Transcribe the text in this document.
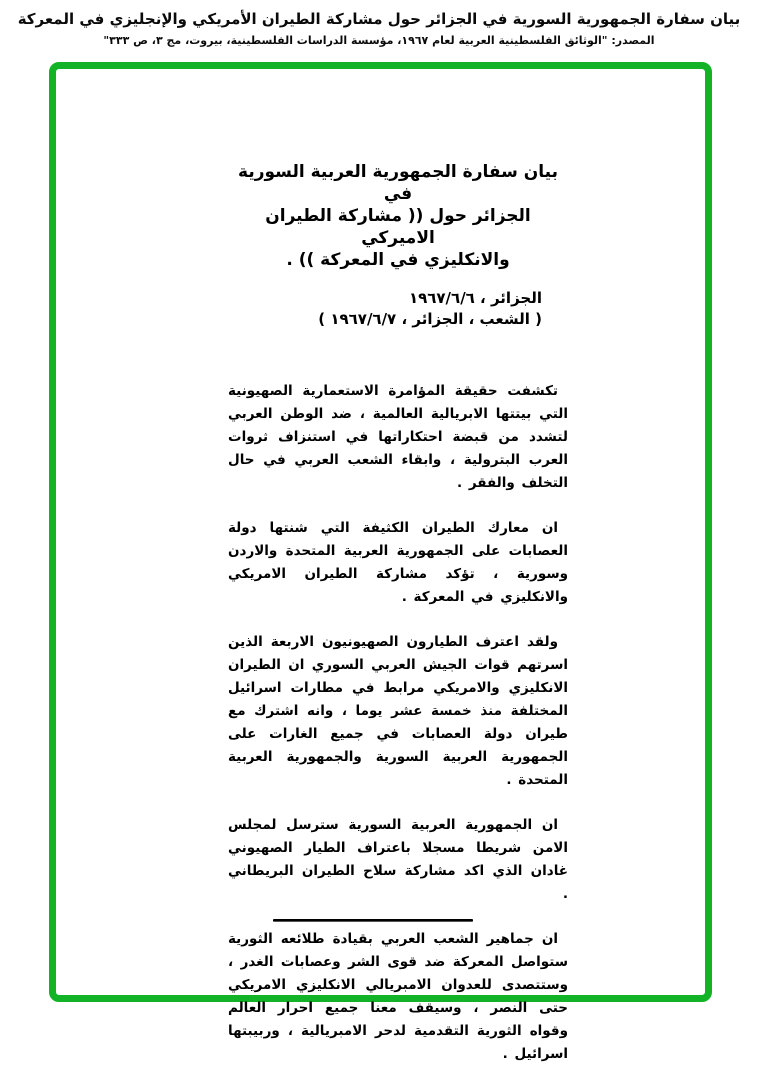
بيان سفارة الجمهورية السورية في الجزائر حول مشاركة الطيران الأمريكي والإنجليزي في المعركة
المصدر: "الوثائق الفلسطينية العربية لعام ١٩٦٧، مؤسسة الدراسات الفلسطينية، بيروت، مج ٣، ص ٣٣٣"
بيان سفارة الجمهورية العربية السورية في
الجزائر حول (( مشاركة الطيران الاميركي
والانكليزي في المعركة )) .
الجزائر ، ١٩٦٧/٦/٦
( الشعب ، الجزائر ، ١٩٦٧/٦/٧ )

تكشفت حقيقة المؤامرة الاستعمارية الصهيونية التي بيتتها الابريالية العالمية ، ضد الوطن العربي لتشدد من قبضة احتكاراتها في استنزاف ثروات العرب البترولية ، وابقاء الشعب العربي في حال التخلف والفقر .

ان معارك الطيران الكثيفة التي شنتها دولة العصابات على الجمهورية العربية المتحدة والاردن وسورية ، تؤكد مشاركة الطيران الامريكي والانكليزي في المعركة .

ولقد اعترف الطيارون الصهيونيون الاربعة الذين اسرتهم قوات الجيش العربي السوري ان الطيران الانكليزي والامريكي مرابط في مطارات اسرائيل المختلفة منذ خمسة عشر يوما ، وانه اشترك مع طيران دولة العصابات في جميع الغارات على الجمهورية العربية السورية والجمهورية العربية المتحدة .

ان الجمهورية العربية السورية سترسل لمجلس الامن شريطا مسجلا باعتراف الطيار الصهيوني غادان الذي اكد مشاركة سلاح الطيران البريطاني .

ان جماهير الشعب العربي بقيادة طلائعه الثورية ستواصل المعركة ضد قوى الشر وعصابات الغدر ، وستتصدى للعدوان الامبريالي الانكليزي الامريكي حتى النصر ، وسيقف معنا جميع احرار العالم وقواه الثورية التقدمية لدحر الامبريالية ، وربيبتها اسرائيل .
